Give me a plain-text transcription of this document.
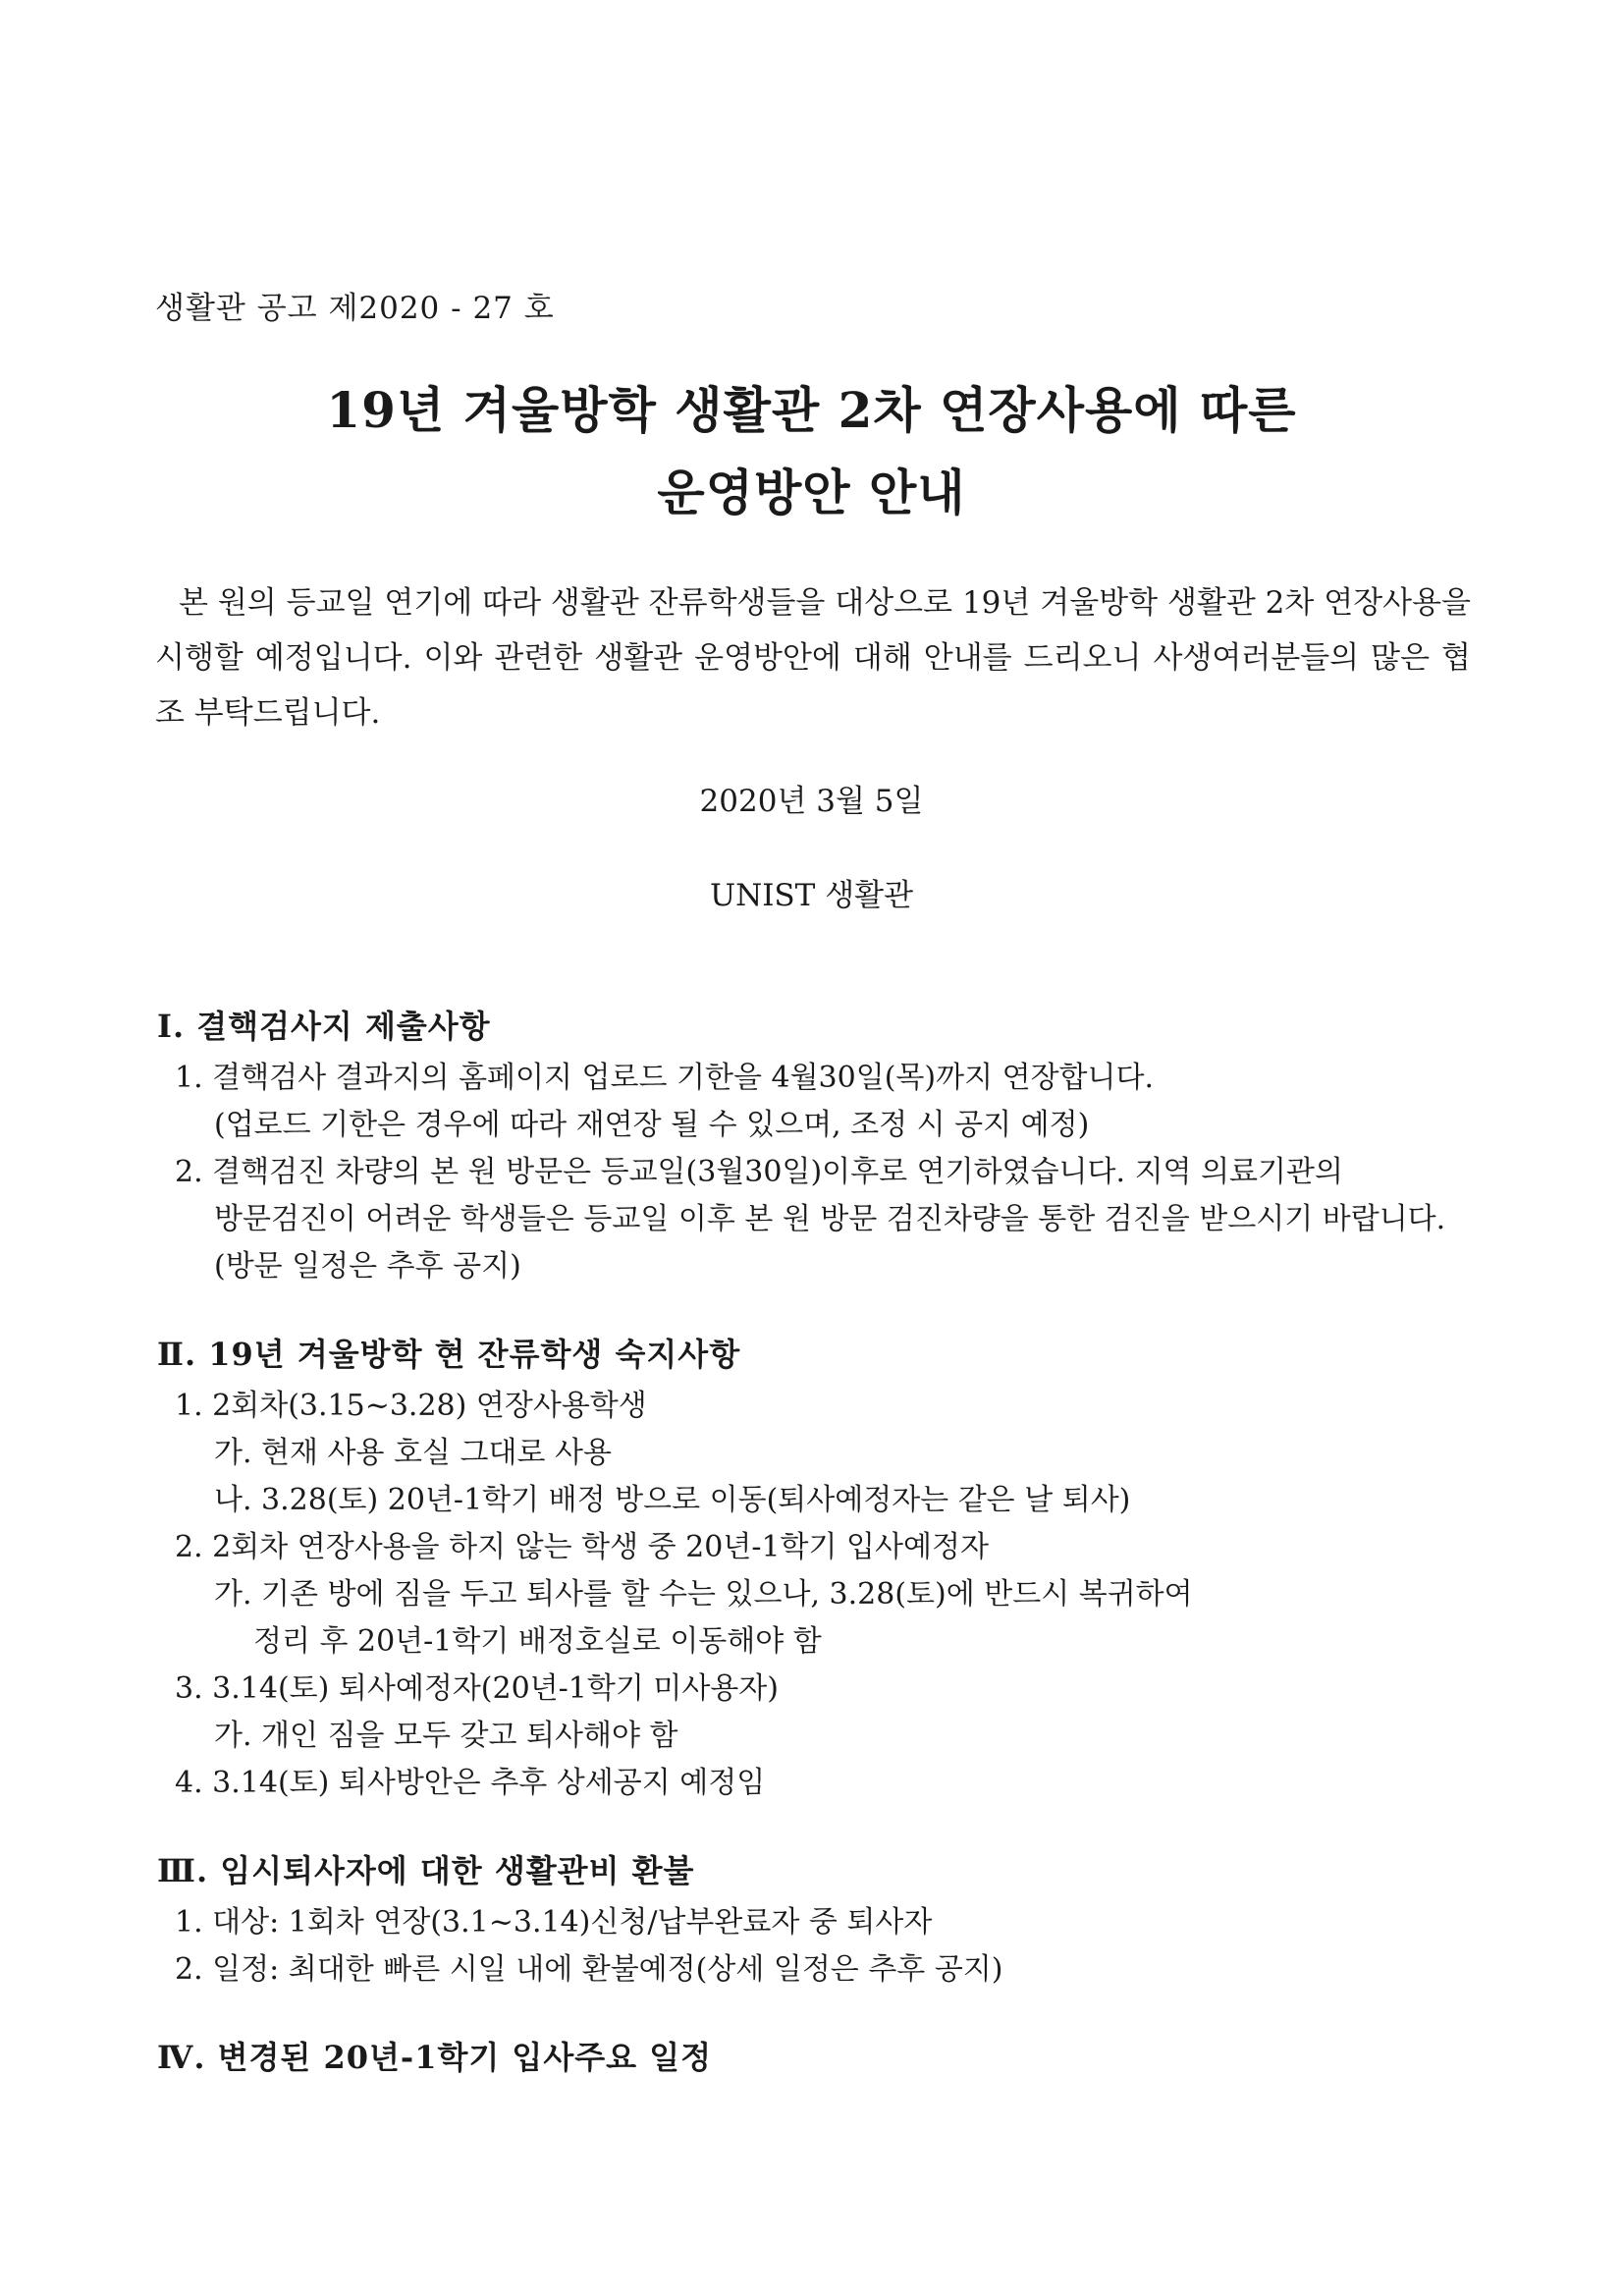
생활관 공고 제2020 - 27 호
19년 겨울방학 생활관 2차 연장사용에 따른
운영방안 안내

본 원의 등교일 연기에 따라 생활관 잔류학생들을 대상으로 19년 겨울방학 생활관 2차 연장사용을 시행할 예정입니다. 이와 관련한 생활관 운영방안에 대해 안내를 드리오니 사생여러분들의 많은 협조 부탁드립니다.

2020년 3월 5일
UNIST 생활관
Ⅰ. 결핵검사지 제출사항
1. 결핵검사 결과지의 홈페이지 업로드 기한을 4월30일(목)까지 연장합니다.
(업로드 기한은 경우에 따라 재연장 될 수 있으며, 조정 시 공지 예정)
2. 결핵검진 차량의 본 원 방문은 등교일(3월30일)이후로 연기하였습니다. 지역 의료기관의
방문검진이 어려운 학생들은 등교일 이후 본 원 방문 검진차량을 통한 검진을 받으시기 바랍니다.
(방문 일정은 추후 공지)
Ⅱ. 19년 겨울방학 현 잔류학생 숙지사항
1. 2회차(3.15~3.28) 연장사용학생
가. 현재 사용 호실 그대로 사용
나. 3.28(토) 20년-1학기 배정 방으로 이동(퇴사예정자는 같은 날 퇴사)
2. 2회차 연장사용을 하지 않는 학생 중 20년-1학기 입사예정자
가. 기존 방에 짐을 두고 퇴사를 할 수는 있으나, 3.28(토)에 반드시 복귀하여
정리 후 20년-1학기 배정호실로 이동해야 함
3. 3.14(토) 퇴사예정자(20년-1학기 미사용자)
가. 개인 짐을 모두 갖고 퇴사해야 함
4. 3.14(토) 퇴사방안은 추후 상세공지 예정임
Ⅲ. 임시퇴사자에 대한 생활관비 환불
1. 대상: 1회차 연장(3.1~3.14)신청/납부완료자 중 퇴사자
2. 일정: 최대한 빠른 시일 내에 환불예정(상세 일정은 추후 공지)
Ⅳ. 변경된 20년-1학기 입사주요 일정
